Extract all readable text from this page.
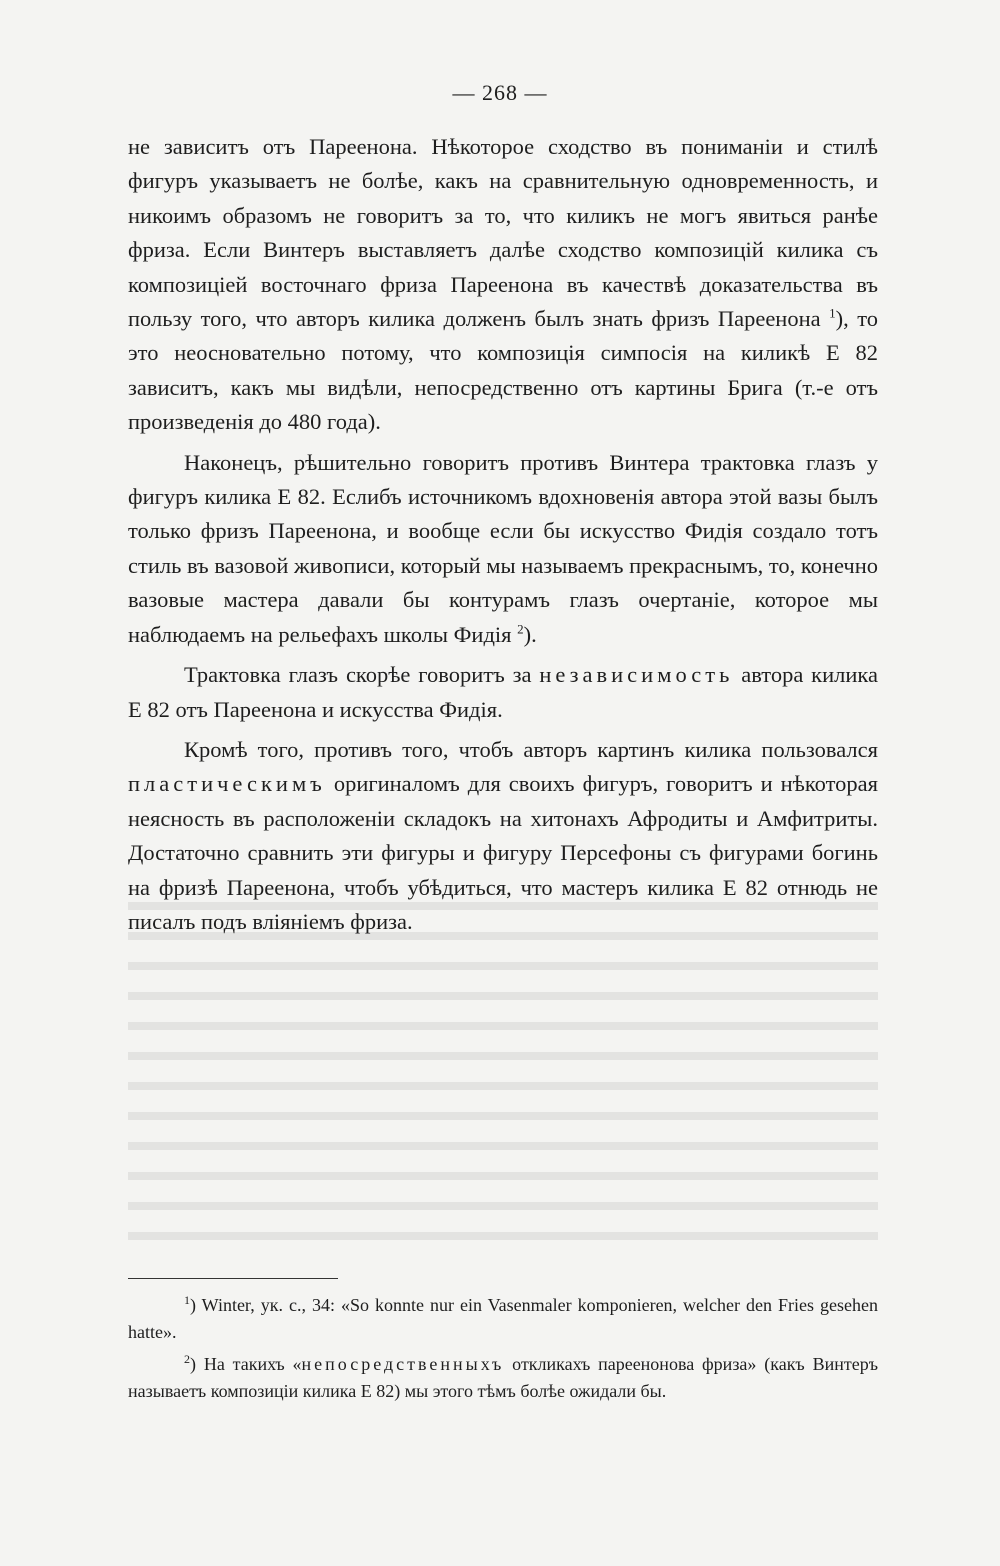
— 268 —

не зависитъ отъ Пареенона. Нѣкоторое сходство въ пониманіи и стилѣ фигуръ указываетъ не болѣе, какъ на сравнительную одновременность, и никоимъ образомъ не говоритъ за то, что киликъ не могъ явиться ранѣе фриза. Если Винтеръ выставляетъ далѣе сходство композицій килика съ композиціей восточнаго фриза Пареенона въ качествѣ доказательства въ пользу того, что авторъ килика долженъ былъ знать фризъ Пареенона $^1$), то это неосновательно потому, что композиція симпосія на киликѣ Е 82 зависитъ, какъ мы видѣли, непосредственно отъ картины Брига (т.-е отъ произведенія до 480 года).

Наконецъ, рѣшительно говоритъ противъ Винтера трактовка глазъ у фигуръ килика Е 82. Еслибъ источникомъ вдохновенія автора этой вазы былъ только фризъ Пареенона, и вообще если бы искусство Фидія создало тотъ стиль въ вазовой живописи, который мы называемъ прекраснымъ, то, конечно вазовые мастера давали бы контурамъ глазъ очертаніе, которое мы наблюдаемъ на рельефахъ школы Фидія $^2$).

Трактовка глазъ скорѣе говоритъ за независимость автора килика Е 82 отъ Пареенона и искусства Фидія.

Кромѣ того, противъ того, чтобъ авторъ картинъ килика пользовался пластическимъ оригиналомъ для своихъ фигуръ, говоритъ и нѣкоторая неясность въ расположеніи складокъ на хитонахъ Афродиты и Амфитриты. Достаточно сравнить эти фигуры и фигуру Персефоны съ фигурами богинь на фризѣ Пареенона, чтобъ убѣдиться, что мастеръ килика Е 82 отнюдь не писалъ подъ вліяніемъ фриза.

$^1$) Winter, ук. с., 34: «So konnte nur ein Vasenmaler komponieren, welcher den Fries gesehen hatte».

$^2$) На такихъ «непосредственныхъ откликахъ пареенонова фриза» (какъ Винтеръ называетъ композиціи килика Е 82) мы этого тѣмъ болѣе ожидали бы.
